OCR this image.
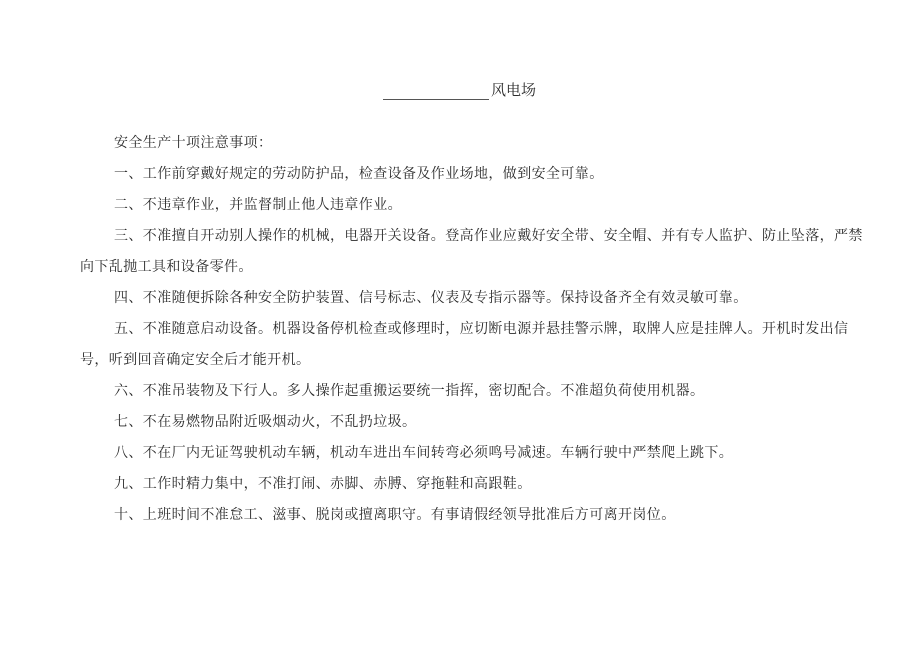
风电场

安全生产十项注意事项：

一、工作前穿戴好规定的劳动防护品，检查设备及作业场地，做到安全可靠。

二、不违章作业，并监督制止他人违章作业。

三、不准擅自开动别人操作的机械，电器开关设备。登高作业应戴好安全带、安全帽、并有专人监护、防止坠落，严禁向下乱抛工具和设备零件。

四、不准随便拆除各种安全防护装置、信号标志、仪表及专指示器等。保持设备齐全有效灵敏可靠。

五、不准随意启动设备。机器设备停机检查或修理时，应切断电源并悬挂警示牌，取牌人应是挂牌人。开机时发出信号，听到回音确定安全后才能开机。

六、不准吊装物及下行人。多人操作起重搬运要统一指挥，密切配合。不准超负荷使用机器。

七、不在易燃物品附近吸烟动火，不乱扔垃圾。

八、不在厂内无证驾驶机动车辆，机动车进出车间转弯必须鸣号减速。车辆行驶中严禁爬上跳下。

九、工作时精力集中，不准打闹、赤脚、赤膊、穿拖鞋和高跟鞋。

十、上班时间不准怠工、滋事、脱岗或擅离职守。有事请假经领导批准后方可离开岗位。
